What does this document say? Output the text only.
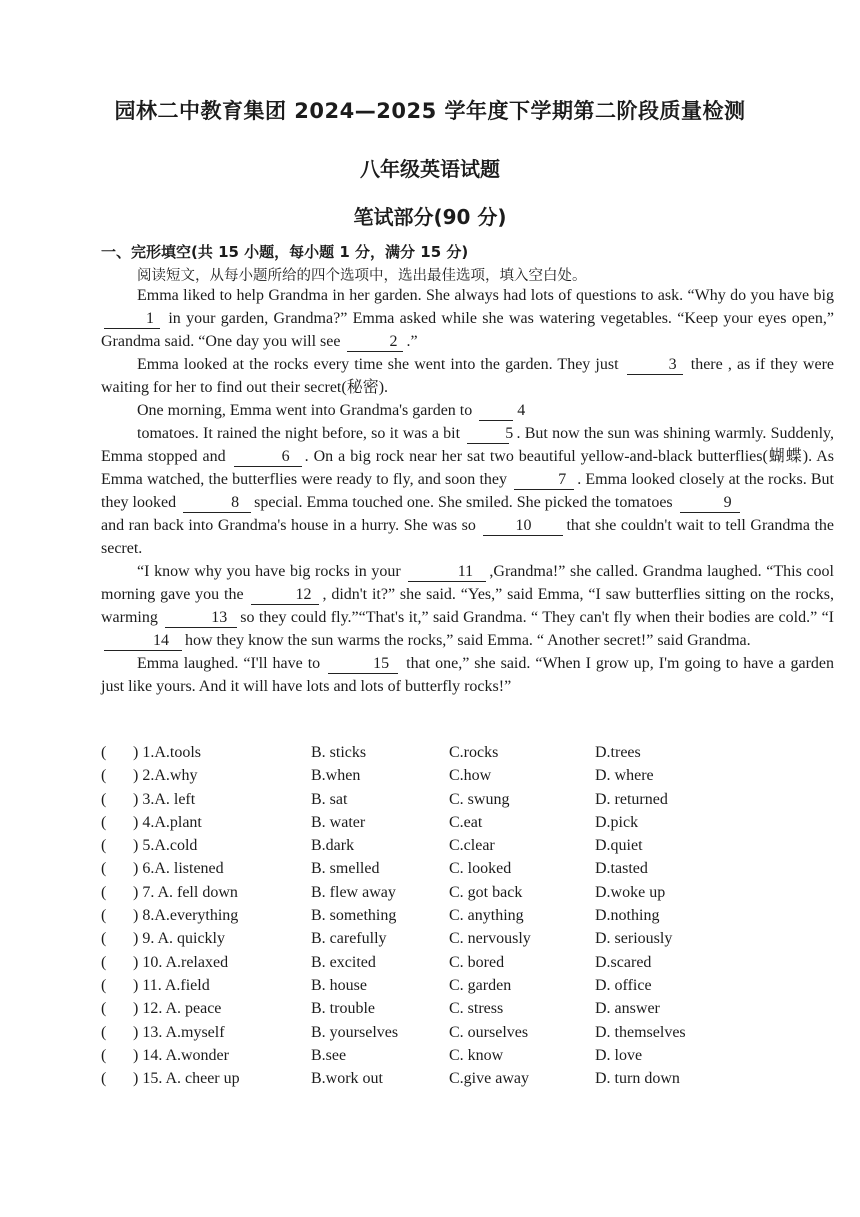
园林二中教育集团 2024—2025 学年度下学期第二阶段质量检测
八年级英语试题
笔试部分(90 分)
一、完形填空(共 15 小题，每小题 1 分，满分 15 分)
阅读短文，从每小题所给的四个选项中，选出最佳选项，填入空白处。

Emma liked to help Grandma in her garden. She always had lots of questions to ask. “Why do you have big 1 in your garden, Grandma?” Emma asked while she was watering vegetables. “Keep your eyes open,” Grandma said. “One day you will see	2 .”

Emma looked at the rocks every time she went into the garden. They just	3 there , as if they were waiting for her to find out their secret(秘密).

One morning, Emma went into Grandma's garden to	4

tomatoes. It rained the night before, so it was a bit	5 . But now the sun was shining warmly. Suddenly, Emma stopped and	6 . On a big rock near her sat two beautiful yellow-and-black butterflies(蝴蝶). As Emma watched, the butterflies were ready to fly, and soon they	7 . Emma looked closely at the rocks. But they looked	8 special. Emma touched one. She smiled. She picked the tomatoes	9

and ran back into Grandma's house in a hurry. She was so 10 that she couldn't wait to tell Grandma the secret.

“I know why you have big rocks in your	11 ,Grandma!” she called. Grandma laughed. “This cool morning gave you the	12 , didn't it?” she said. “Yes,” said Emma, “I saw butterflies sitting on the rocks, warming	13 so they could fly.”“That's it,” said Grandma. “ They can't fly when their bodies are cold.” “I 14 how they know the sun warms the rocks,” said Emma. “ Another secret!” said Grandma.

Emma laughed. “I'll have to	15 that one,” she said. “When I grow up, I'm going to have a garden just like yours. And it will have lots and lots of butterfly rocks!”

( ) 1.A.tools	B. sticks	C.rocks	D.trees
( ) 2.A.why	B.when	C.how	D. where
( ) 3.A. left	B. sat	C. swung	D. returned
( ) 4.A.plant	B. water	C.eat	D.pick
( ) 5.A.cold	B.dark	C.clear	D.quiet
( ) 6.A. listened	B. smelled	C. looked	D.tasted
( ) 7. A. fell down	B. flew away	C. got back	D.woke up
( ) 8.A.everything	B. something	C. anything	D.nothing
( ) 9. A. quickly	B. carefully	C. nervously	D. seriously
( ) 10. A.relaxed	B. excited	C. bored	D.scared
( ) 11. A.field	B. house	C. garden	D. office
( ) 12. A. peace	B. trouble	C. stress	D. answer
( ) 13. A.myself	B. yourselves	C. ourselves	D. themselves
( ) 14. A.wonder	B.see	C. know	D. love
( ) 15. A. cheer up	B.work out	C.give away	D. turn down
